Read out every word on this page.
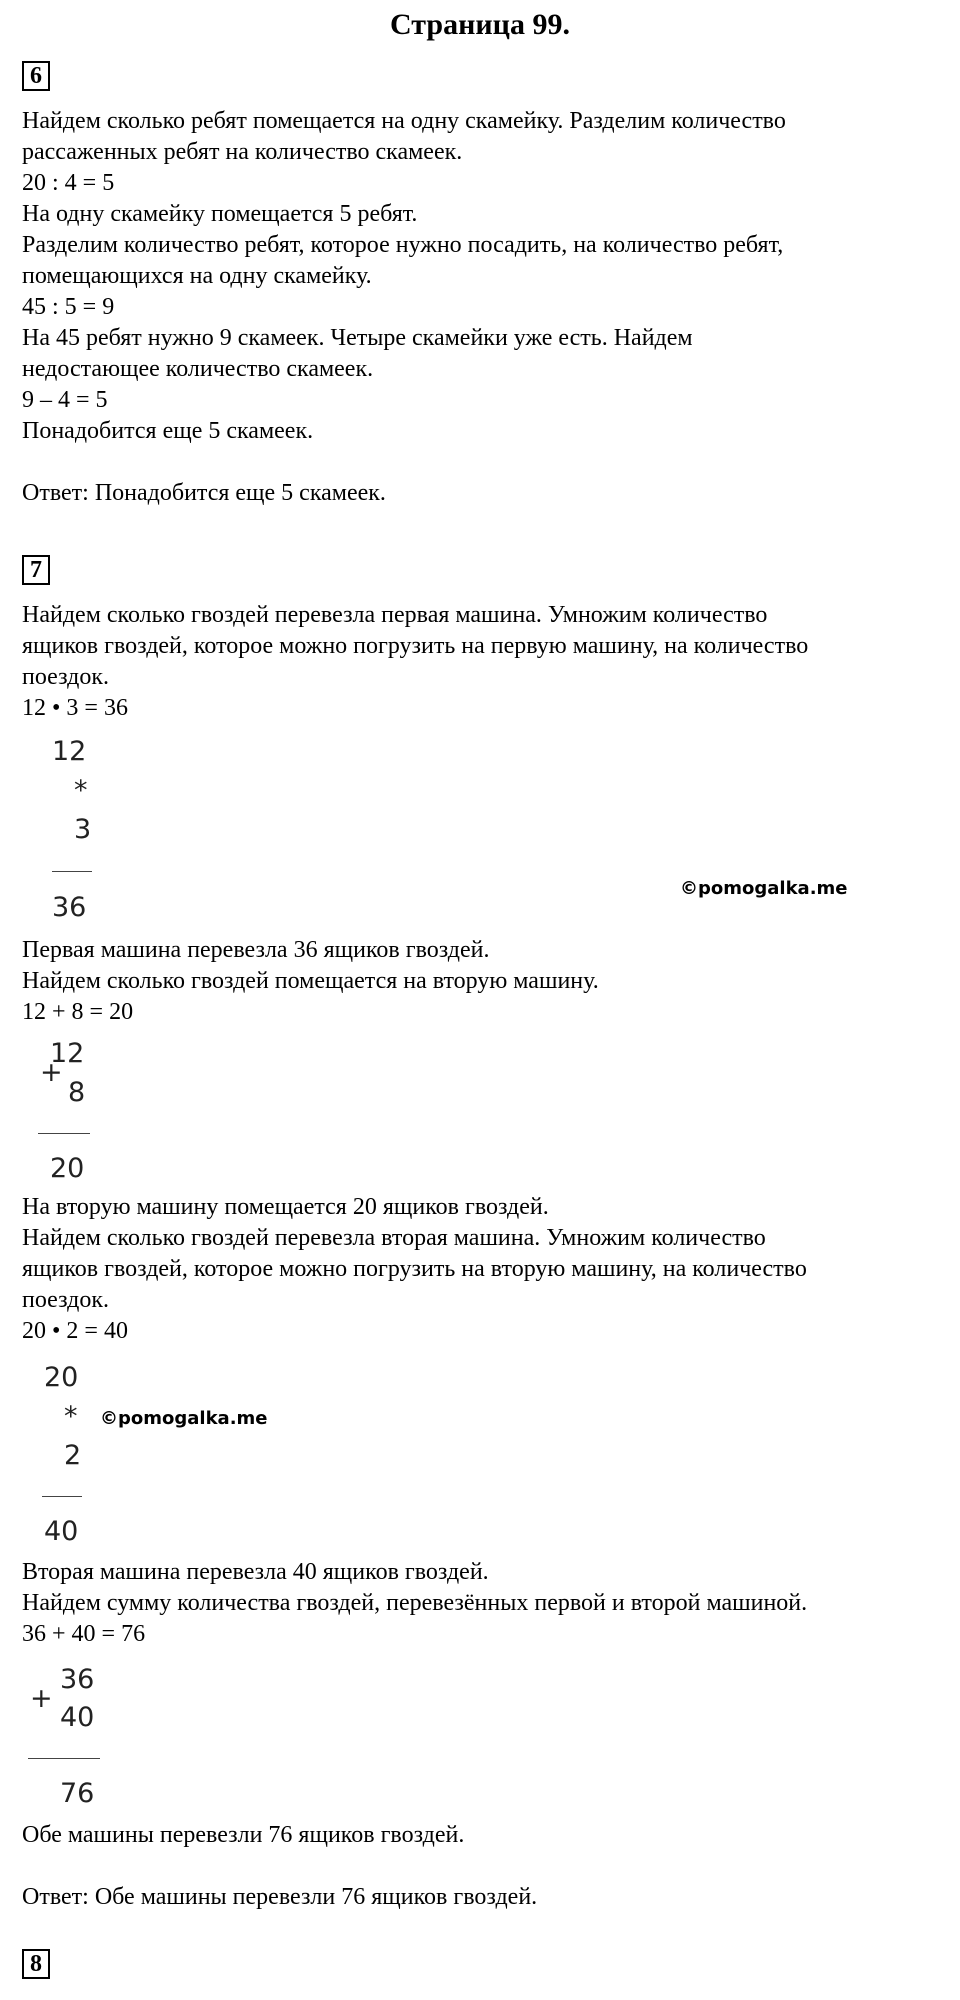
Страница 99.
6
Найдем сколько ребят помещается на одну скамейку. Разделим количество
рассаженных ребят на количество скамеек.
20 : 4 = 5
На одну скамейку помещается 5 ребят.
Разделим количество ребят, которое нужно посадить, на количество ребят,
помещающихся на одну скамейку.
45 : 5 = 9
На 45 ребят нужно 9 скамеек. Четыре скамейки уже есть. Найдем
недостающее количество скамеек.
9 – 4 = 5
Понадобится еще 5 скамеек.
Ответ: Понадобится еще 5 скамеек.
7
Найдем сколько гвоздей перевезла первая машина. Умножим количество
ящиков гвоздей, которое можно погрузить на первую машину, на количество
поездок.
12 • 3 = 36
12
*
3
36
©pomogalka.me
Первая машина перевезла 36 ящиков гвоздей.
Найдем сколько гвоздей помещается на вторую машину.
12 + 8 = 20
12
+
8
20
На вторую машину помещается 20 ящиков гвоздей.
Найдем сколько гвоздей перевезла вторая машина. Умножим количество
ящиков гвоздей, которое можно погрузить на вторую машину, на количество
поездок.
20 • 2 = 40
20
*
2
40
©pomogalka.me
Вторая машина перевезла 40 ящиков гвоздей.
Найдем сумму количества гвоздей, перевезённых первой и второй машиной.
36 + 40 = 76
36
+
40
76
Обе машины перевезли 76 ящиков гвоздей.
Ответ: Обе машины перевезли 76 ящиков гвоздей.
8
